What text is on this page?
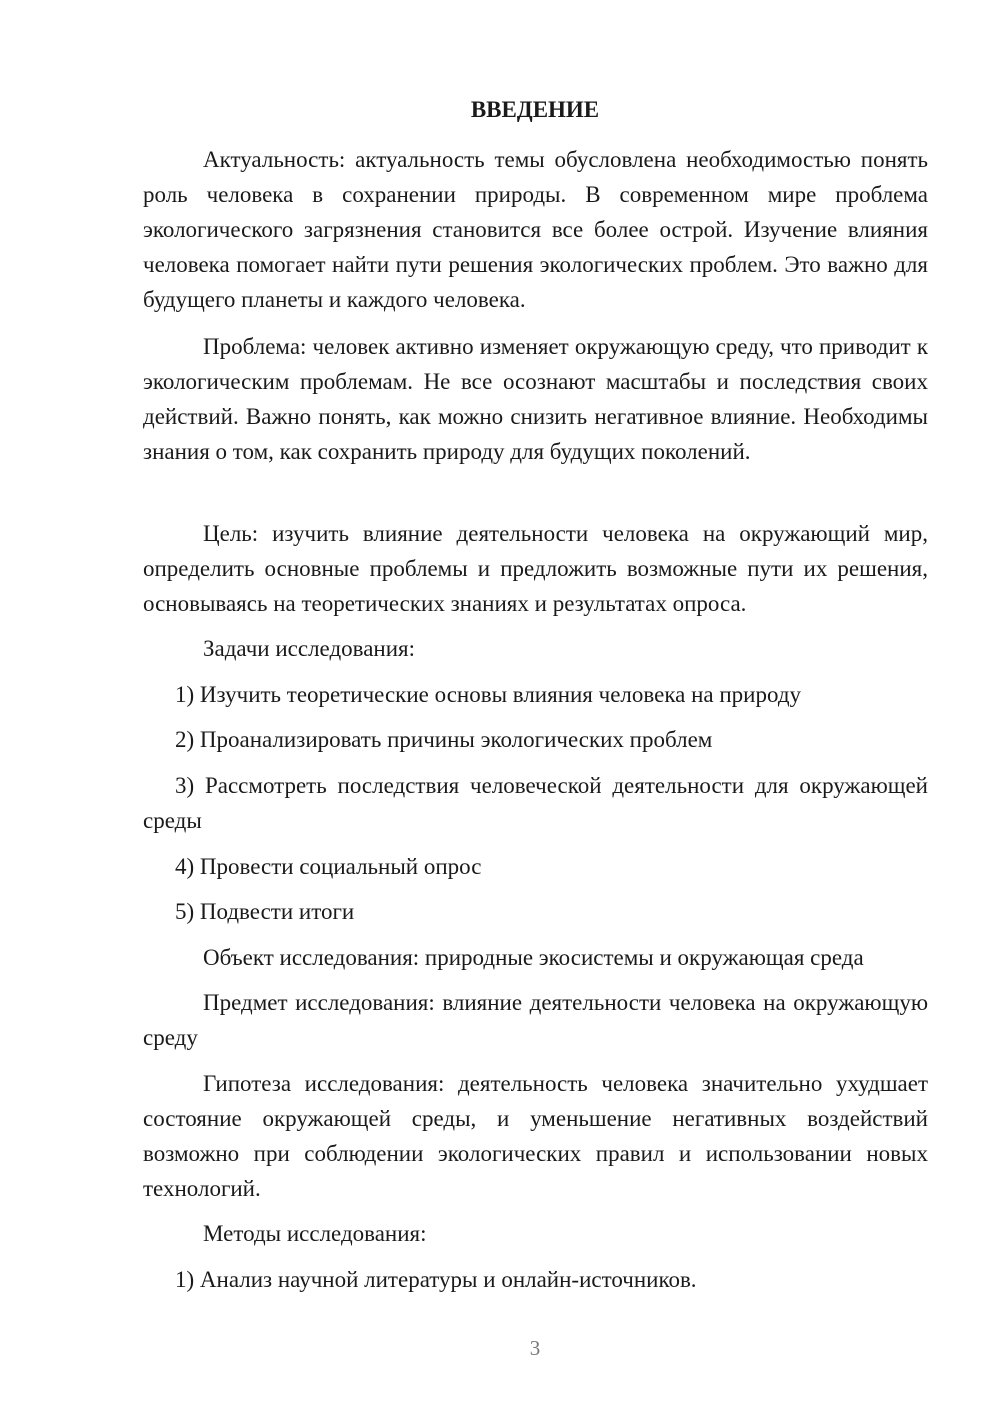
ВВЕДЕНИЕ

Актуальность: актуальность темы обусловлена необходимостью понять роль человека в сохранении природы. В современном мире проблема экологического загрязнения становится все более острой. Изучение влияния человека помогает найти пути решения экологических проблем. Это важно для будущего планеты и каждого человека.

Проблема: человек активно изменяет окружающую среду, что приводит к экологическим проблемам. Не все осознают масштабы и последствия своих действий. Важно понять, как можно снизить негативное влияние. Необходимы знания о том, как сохранить природу для будущих поколений.

Цель: изучить влияние деятельности человека на окружающий мир, определить основные проблемы и предложить возможные пути их решения, основываясь на теоретических знаниях и результатах опроса.

Задачи исследования:

1) Изучить теоретические основы влияния человека на природу

2) Проанализировать причины экологических проблем

3) Рассмотреть последствия человеческой деятельности для окружающей среды

4) Провести социальный опрос

5) Подвести итоги

Объект исследования: природные экосистемы и окружающая среда

Предмет исследования: влияние деятельности человека на окружающую среду

Гипотеза исследования: деятельность человека значительно ухудшает состояние окружающей среды, и уменьшение негативных воздействий возможно при соблюдении экологических правил и использовании новых технологий.

Методы исследования:

1) Анализ научной литературы и онлайн-источников.

3
